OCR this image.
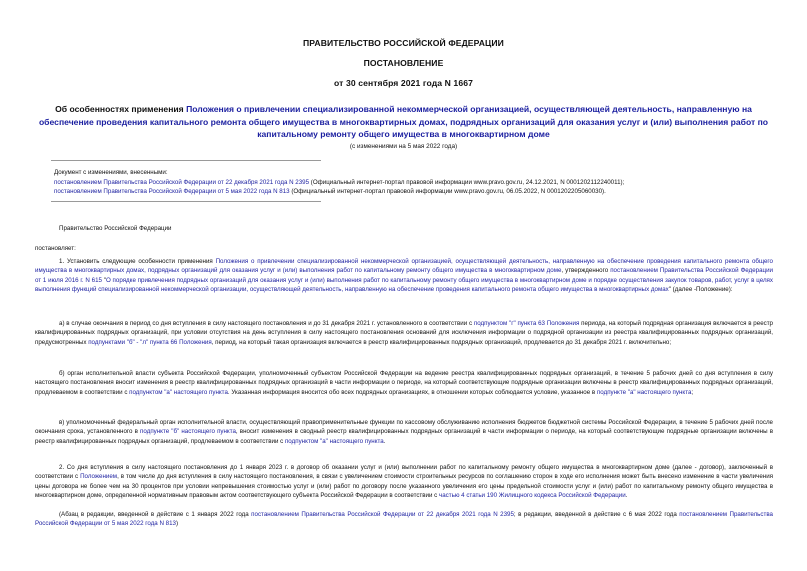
ПРАВИТЕЛЬСТВО РОССИЙСКОЙ ФЕДЕРАЦИИ
ПОСТАНОВЛЕНИЕ
от 30 сентября 2021 года N 1667
Об особенностях применения Положения о привлечении специализированной некоммерческой организацией, осуществляющей деятельность, направленную на обеспечение проведения капитального ремонта общего имущества в многоквартирных домах, подрядных организаций для оказания услуг и (или) выполнения работ по капитальному ремонту общего имущества в многоквартирном доме
(с изменениями на 5 мая 2022 года)
Документ с изменениями, внесенными:
постановлением Правительства Российской Федерации от 22 декабря 2021 года N 2395 (Официальный интернет-портал правовой информации www.pravo.gov.ru, 24.12.2021, N 0001202112240011);
постановлением Правительства Российской Федерации от 5 мая 2022 года N 813 (Официальный интернет-портал правовой информации www.pravo.gov.ru, 06.05.2022, N 0001202205060030).
Правительство Российской Федерации
постановляет:
1. Установить следующие особенности применения Положения о привлечении специализированной некоммерческой организацией, осуществляющей деятельность, направленную на обеспечение проведения капитального ремонта общего имущества в многоквартирных домах, подрядных организаций для оказания услуг и (или) выполнения работ по капитальному ремонту общего имущества в многоквартирном доме, утвержденного постановлением Правительства Российской Федерации от 1 июля 2016 г. N 615 "О порядке привлечения подрядных организаций для оказания услуг и (или) выполнения работ по капитальному ремонту общего имущества в многоквартирном доме и порядке осуществления закупок товаров, работ, услуг в целях выполнения функций специализированной некоммерческой организации, осуществляющей деятельность, направленную на обеспечение проведения капитального ремонта общего имущества в многоквартирных домах" (далее -Положение):
а) в случае окончания в период со дня вступления в силу настоящего постановления и до 31 декабря 2021 г. установленного в соответствии с подпунктом "г" пункта 63 Положения периода, на который подрядная организация включается в реестр квалифицированных подрядных организаций, при условии отсутствия на день вступления в силу настоящего постановления оснований для исключения информации о подрядной организации из реестра квалифицированных подрядных организаций, предусмотренных подпунктами "б" - "л" пункта 66 Положения, период, на который такая организация включается в реестр квалифицированных подрядных организаций, продлевается до 31 декабря 2021 г. включительно;
б) орган исполнительной власти субъекта Российской Федерации, уполномоченный субъектом Российской Федерации на ведение реестра квалифицированных подрядных организаций, в течение 5 рабочих дней со дня вступления в силу настоящего постановления вносит изменения в реестр квалифицированных подрядных организаций в части информации о периоде, на который соответствующие подрядные организации включены в реестр квалифицированных подрядных организаций, продлеваемом в соответствии с подпунктом "а" настоящего пункта. Указанная информация вносится обо всех подрядных организациях, в отношении которых соблюдается условие, указанное в подпункте "а" настоящего пункта;
в) уполномоченный федеральный орган исполнительной власти, осуществляющий правоприменительные функции по кассовому обслуживанию исполнения бюджетов бюджетной системы Российской Федерации, в течение 5 рабочих дней после окончания срока, установленного в подпункте "б" настоящего пункта, вносит изменения в сводный реестр квалифицированных подрядных организаций в части информации о периоде, на который соответствующие подрядные организации включены в реестр квалифицированных подрядных организаций, продлеваемом в соответствии с подпунктом "а" настоящего пункта.
2. Со дня вступления в силу настоящего постановления до 1 января 2023 г. в договор об оказании услуг и (или) выполнении работ по капитальному ремонту общего имущества в многоквартирном доме (далее - договор), заключенный в соответствии с Положением, в том числе до дня вступления в силу настоящего постановления, в связи с увеличением стоимости строительных ресурсов по соглашению сторон в ходе его исполнения может быть внесено изменение в части увеличения цены договора не более чем на 30 процентов при условии непревышения стоимостью услуг и (или) работ по договору после указанного увеличения его цены предельной стоимости услуг и (или) работ по капитальному ремонту общего имущества в многоквартирном доме, определенной нормативным правовым актом соответствующего субъекта Российской Федерации в соответствии с частью 4 статьи 190 Жилищного кодекса Российской Федерации.
(Абзац в редакции, введенной в действие с 1 января 2022 года постановлением Правительства Российской Федерации от 22 декабря 2021 года N 2395; в редакции, введенной в действие с 6 мая 2022 года постановлением Правительства Российской Федерации от 5 мая 2022 года N 813)
